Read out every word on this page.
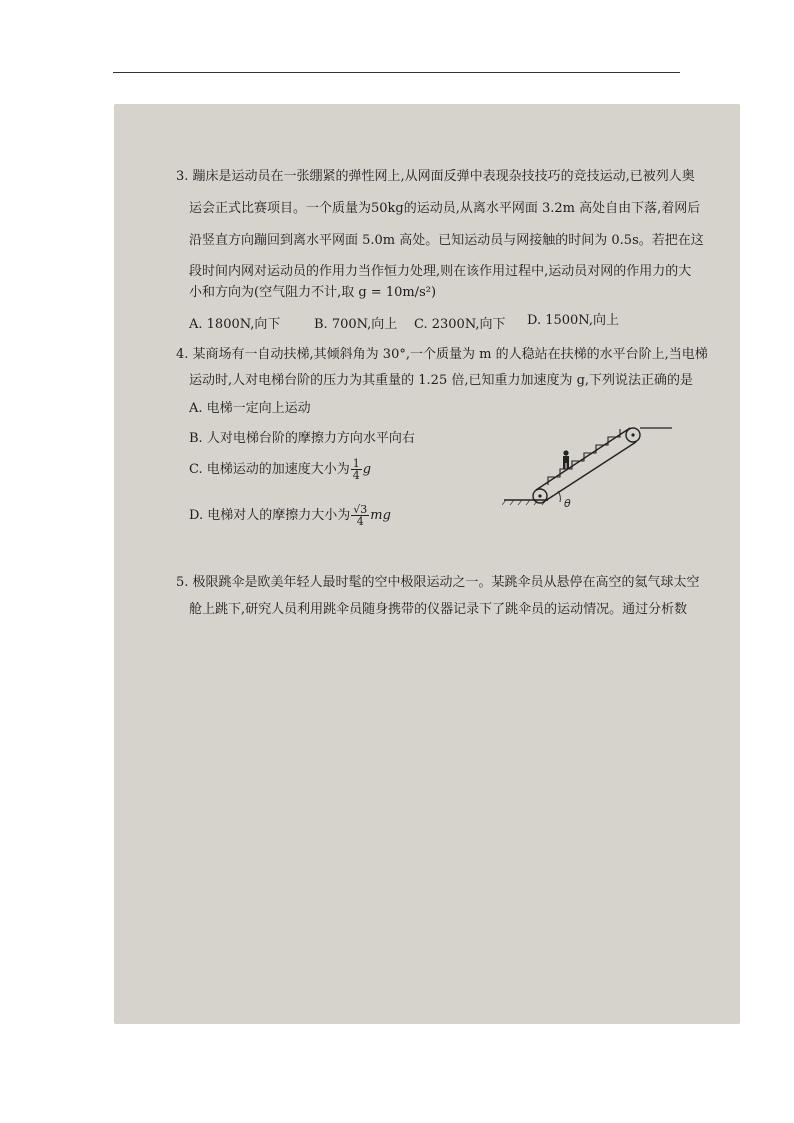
3. 蹦床是运动员在一张绷紧的弹性网上,从网面反弹中表现杂技技巧的竞技运动,已被列人奥
运会正式比赛项目。一个质量为50kg的运动员,从离水平网面 3.2m 高处自由下落,着网后
沿竖直方向蹦回到离水平网面 5.0m 高处。已知运动员与网接触的时间为 0.5s。若把在这
段时间内网对运动员的作用力当作恒力处理,则在该作用过程中,运动员对网的作用力的大
小和方向为(空气阻力不计,取 g = 10m/s²)
A. 1800N,向下	B. 700N,向上 C. 2300N,向下 D. 1500N,向上
4. 某商场有一自动扶梯,其倾斜角为 30°,一个质量为 m 的人稳站在扶梯的水平台阶上,当电梯
运动时,人对电梯台阶的压力为其重量的 1.25 倍,已知重力加速度为 g,下列说法正确的是
A. 电梯一定向上运动
B. 人对电梯台阶的摩擦力方向水平向右
C. 电梯运动的加速度大小为 $\frac{1}{4}$ g
D. 电梯对人的摩擦力大小为 $\frac{√3}{4}$ mg
θ
5. 极限跳伞是欧美年轻人最时髦的空中极限运动之一。某跳伞员从悬停在高空的氦气球太空
舱上跳下,研究人员利用跳伞员随身携带的仪器记录下了跳伞员的运动情况。通过分析数
